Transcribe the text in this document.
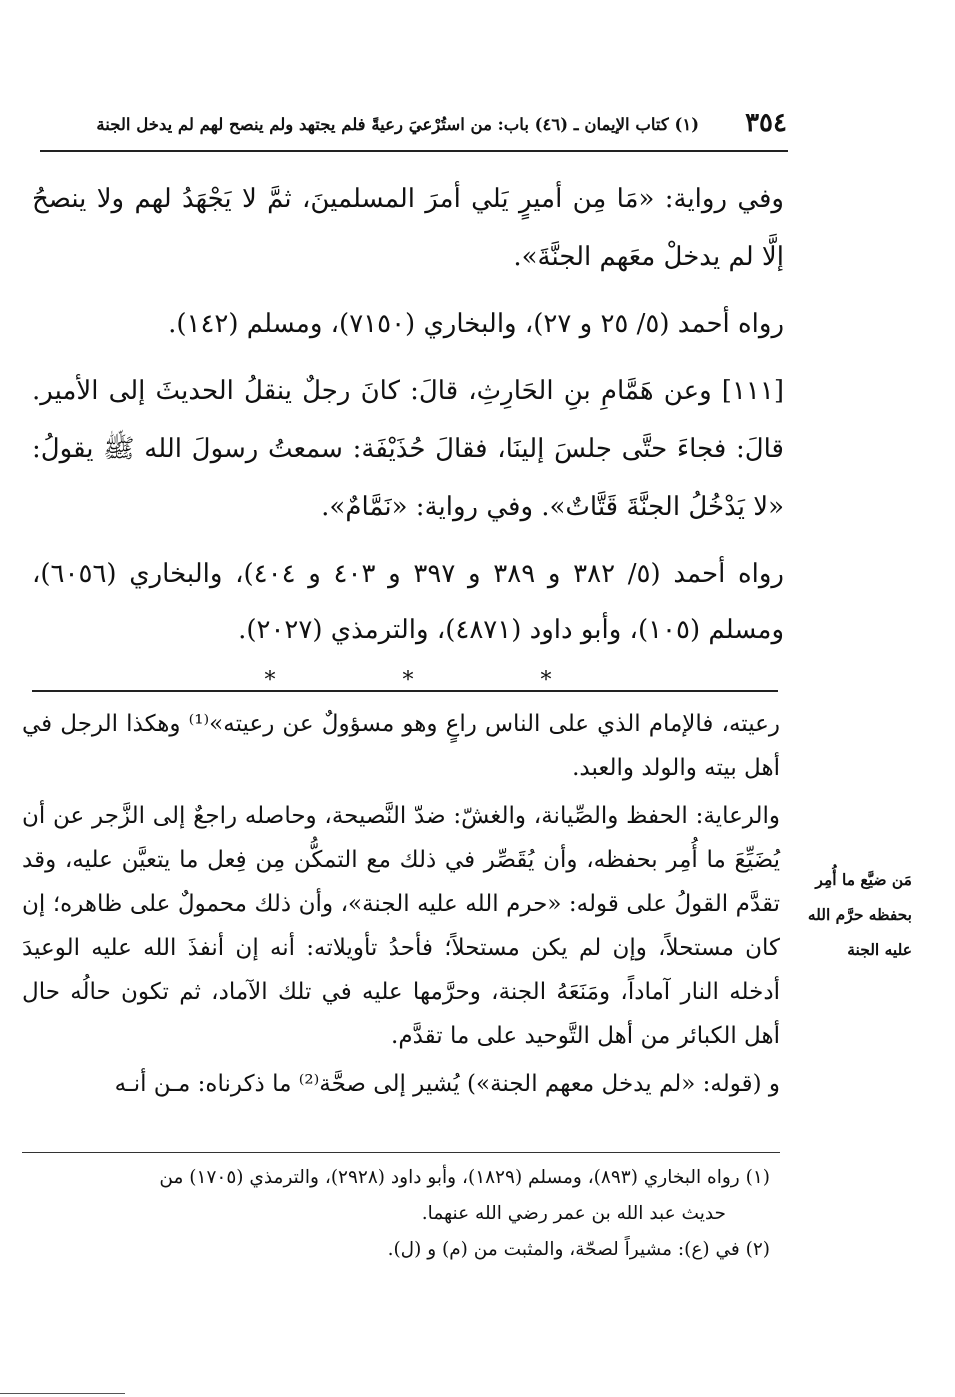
٣٥٤
(١) كتاب الإيمان ـ (٤٦) باب: من استُرْعيَ رعيةً فلم يجتهد ولم ينصح لهم لم يدخل الجنة

وفي رواية: «مَا مِن أميرٍ يَلي أمرَ المسلمينَ، ثمَّ لا يَجْهَدُ لهم ولا ينصحُ إلَّا لم يدخلْ معَهم الجنَّةَ».

رواه أحمد (٥/ ٢٥ و ٢٧)، والبخاري (٧١٥٠)، ومسلم (١٤٢).

[١١١] وعن هَمَّامِ بنِ الحَارِثِ، قالَ: كانَ رجلٌ ينقلُ الحديثَ إلى الأمير. قالَ: فجاءَ حتَّى جلسَ إلينَا، فقالَ حُذَيْفَة: سمعتُ رسولَ الله ﷺ يقولُ: «لا يَدْخُلُ الجنَّةَ قَتَّاتٌ». وفي رواية: «نَمَّامٌ».

رواه أحمد (٥/ ٣٨٢ و ٣٨٩ و ٣٩٧ و ٤٠٣ و ٤٠٤)، والبخاري (٦٠٥٦)، ومسلم (١٠٥)، وأبو داود (٤٨٧١)، والترمذي (٢٠٢٧).

* * *

رعيته، فالإمام الذي على الناس راعٍ وهو مسؤولٌ عن رعيته»⁽¹⁾ وهكذا الرجل في أهل بيته والولد والعبد.

والرعاية: الحفظ والصِّيانة، والغشّ: ضدّ النَّصيحة، وحاصله راجعٌ إلى الزَّجر عن أن يُضَيِّعَ ما أُمِر بحفظه، وأن يُقَصِّر في ذلك مع التمكُّن مِن فِعل ما يتعيَّن عليه، وقد تقدَّم القولُ على قوله: «حرم الله عليه الجنة»، وأن ذلك محمولٌ على ظاهره؛ إن كان مستحلاً، وإن لم يكن مستحلاً؛ فأحدُ تأويلاته: أنه إن أنفذَ الله عليه الوعيدَ أدخله النار آماداً، ومَنَعَهُ الجنة، وحرَّمها عليه في تلك الآماد، ثم تكون حالُه حال أهل الكبائر من أهل التَّوحيد على ما تقدَّم.

و (قوله: «لم يدخل معهم الجنة») يُشير إلى صحَّة⁽²⁾ ما ذكرناه: مـن أنـه

مَن ضيَّع ما أُمِر بحفظه حرَّم الله عليه الجنة

(١) رواه البخاري (٨٩٣)، ومسلم (١٨٢٩)، وأبو داود (٢٩٢٨)، والترمذي (١٧٠٥) من

حديث عبد الله بن عمر رضي الله عنهما.

(٢) في (ع): مشيراً لصحّة، والمثبت من (م) و (ل).
